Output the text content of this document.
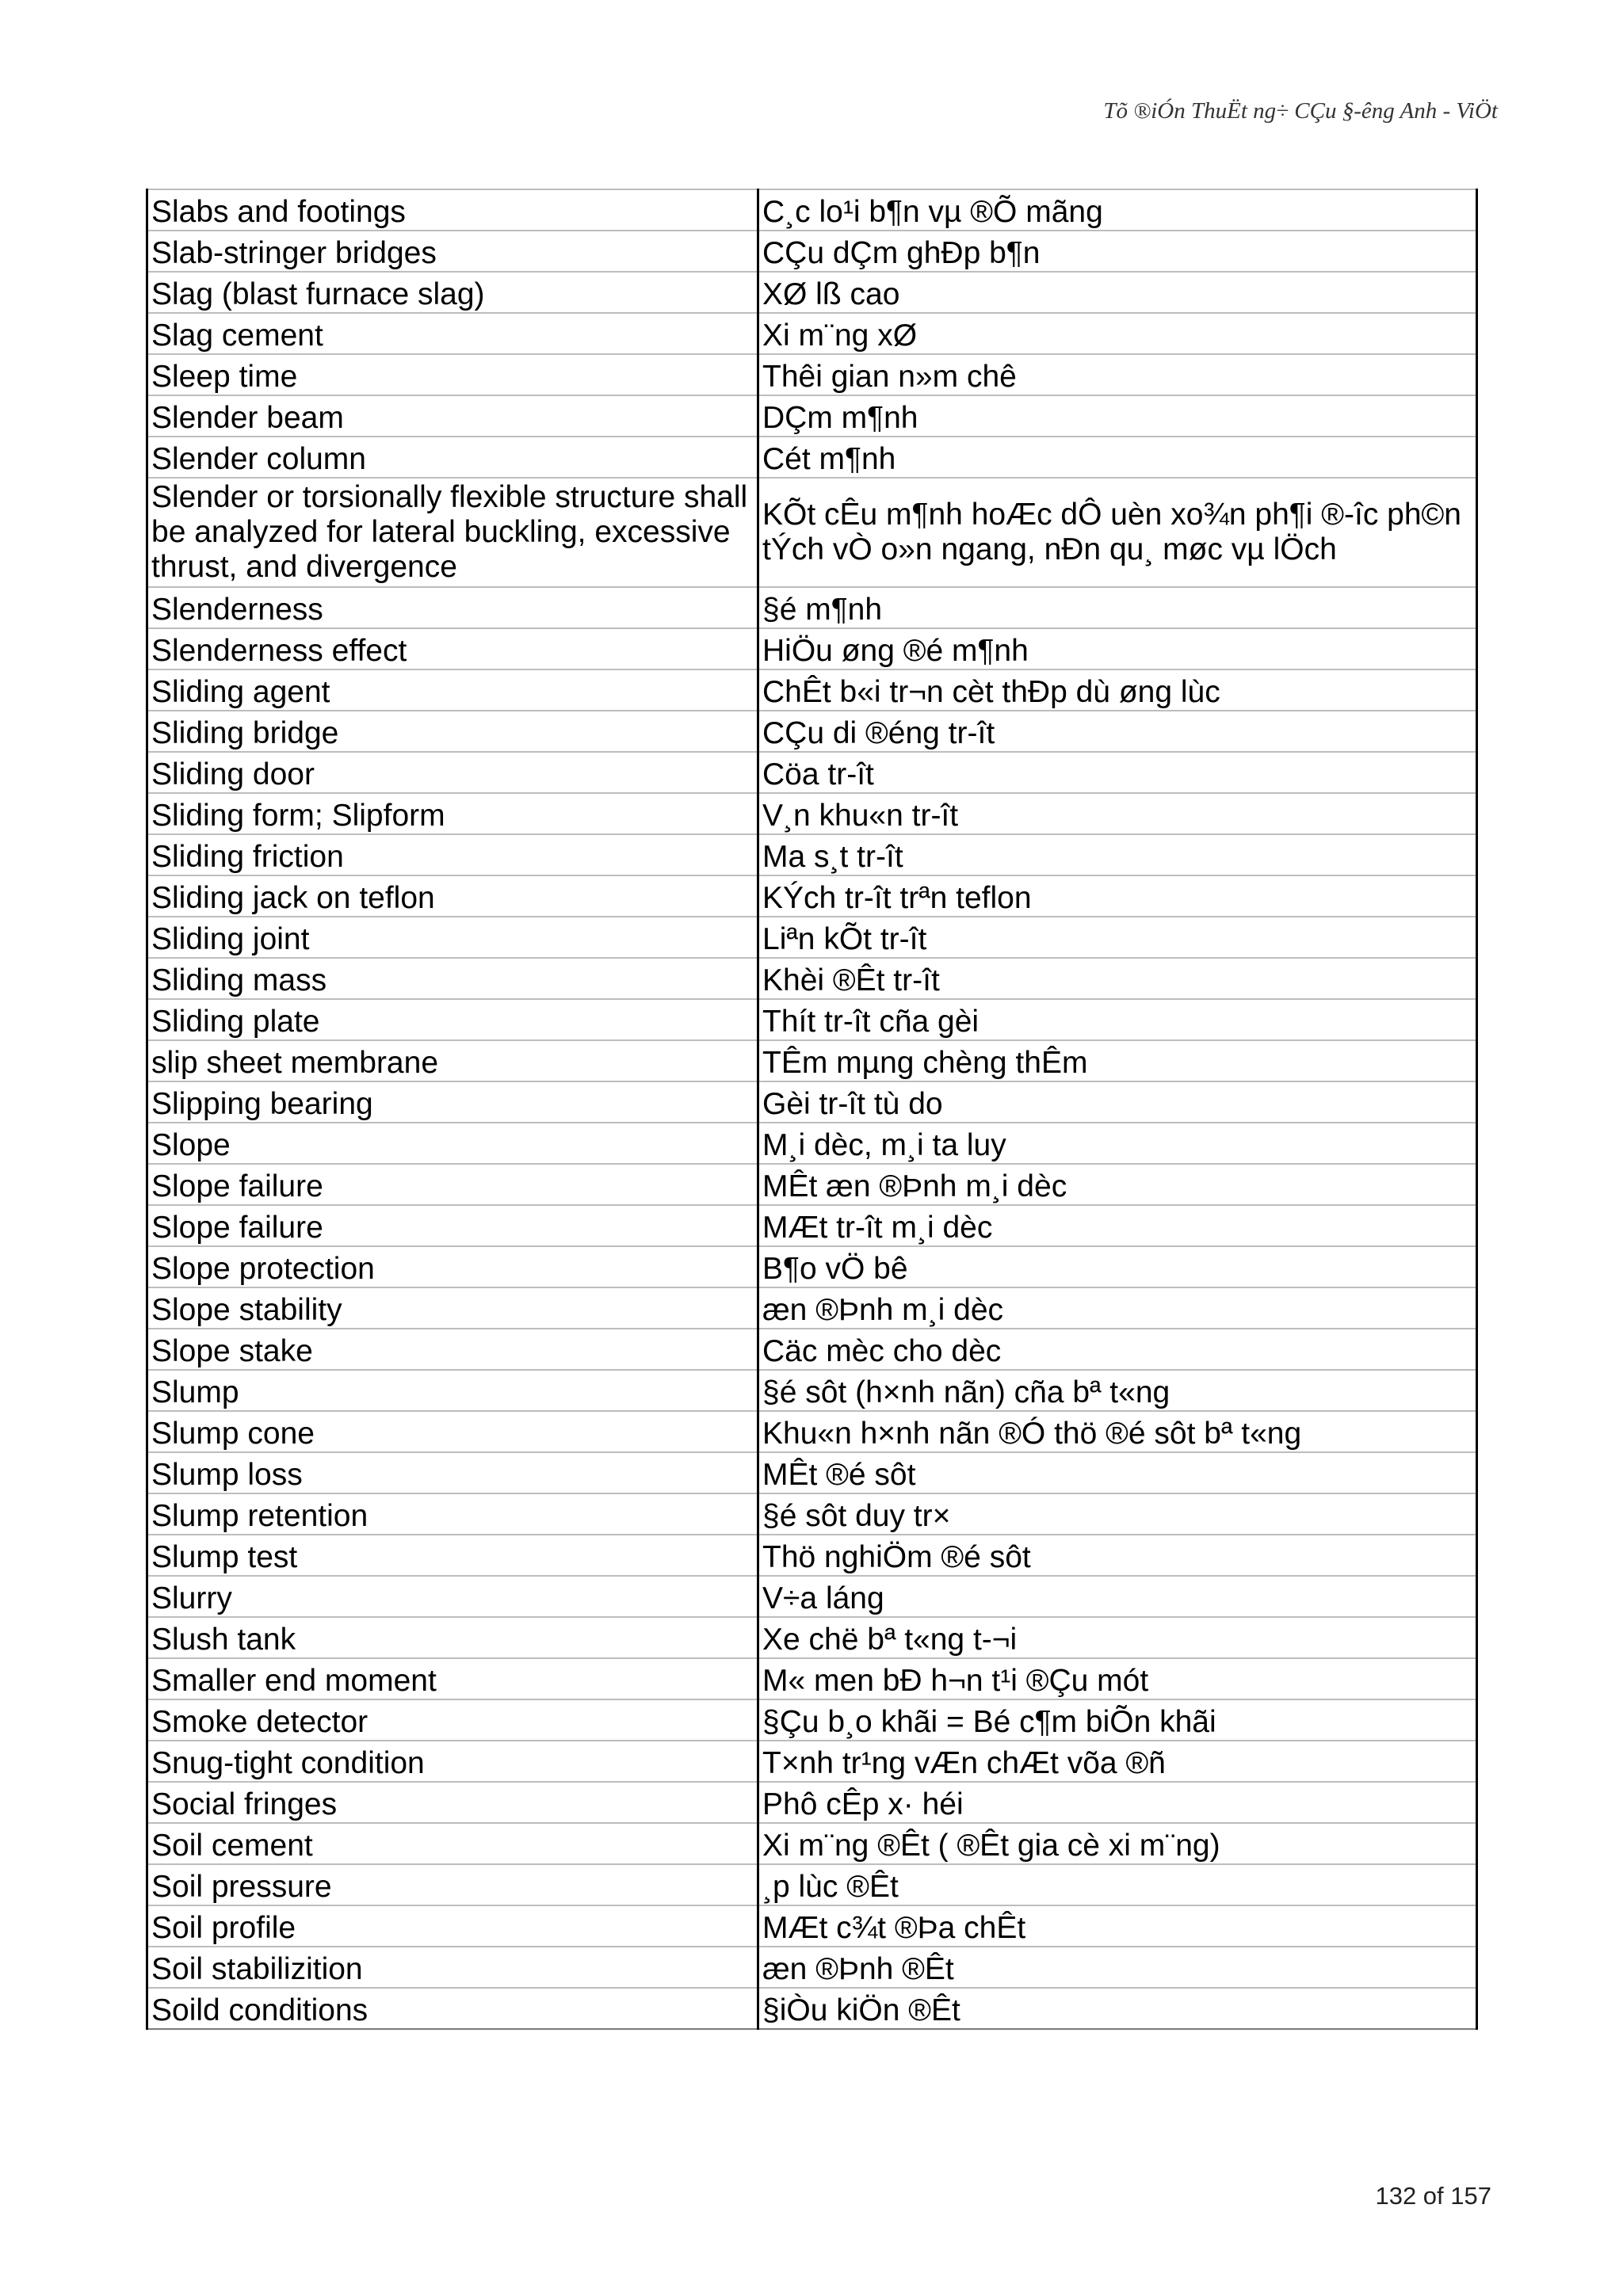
Tõ ®iÓn ThuËt ng÷ CÇu §-êng Anh - ViÖt
Slabs and footings	C¸c lo¹i b¶n vµ ®Õ mãng
Slab-stringer bridges	CÇu dÇm ghÐp b¶n
Slag (blast furnace slag)	XØ lß cao
Slag cement	Xi m¨ng xØ
Sleep time	Thêi gian n»m chê
Slender beam	DÇm m¶nh
Slender column	Cét m¶nh

Slender or torsionally flexible structure shall be analyzed for lateral buckling, excessive thrust, and divergence	KÕt cÊu m¶nh hoÆc dÔ uèn xo¾n ph¶i ®-îc ph©n tÝch vÒ o»n ngang, nÐn qu¸ møc vµ lÖch

Slenderness	§é m¶nh
Slenderness effect	HiÖu øng ®é m¶nh
Sliding agent	ChÊt b«i tr¬n cèt thÐp dù øng lùc
Sliding bridge	CÇu di ®éng tr-ît
Sliding door	Cöa tr-ît
Sliding form; Slipform	V¸n khu«n tr-ît
Sliding friction	Ma s¸t tr-ît
Sliding jack on teflon	KÝch tr-ît trªn teflon
Sliding joint	Liªn kÕt tr-ît
Sliding mass	Khèi ®Êt tr-ît
Sliding plate	Thít tr-ît cña gèi
slip sheet membrane	TÊm mµng chèng thÊm
Slipping bearing	Gèi tr-ît tù do
Slope	M¸i dèc, m¸i ta luy
Slope failure	MÊt æn ®Þnh m¸i dèc
Slope failure	MÆt tr-ît m¸i dèc
Slope protection	B¶o vÖ bê
Slope stability	æn ®Þnh m¸i dèc
Slope stake	Cäc mèc cho dèc
Slump	§é sôt (h×nh nãn) cña bª t«ng
Slump cone	Khu«n h×nh nãn ®Ó thö ®é sôt bª t«ng
Slump loss	MÊt ®é sôt
Slump retention	§é sôt duy tr×
Slump test	Thö nghiÖm ®é sôt
Slurry	V÷a láng
Slush tank	Xe chë bª t«ng t-¬i
Smaller end moment	M« men bÐ h¬n t¹i ®Çu mót
Smoke detector	§Çu b¸o khãi = Bé c¶m biÕn khãi
Snug-tight condition	T×nh tr¹ng vÆn chÆt võa ®ñ
Social fringes	Phô cÊp x· héi
Soil cement	Xi m¨ng ®Êt ( ®Êt gia cè xi m¨ng)
Soil pressure	¸p lùc ®Êt
Soil profile	MÆt c¾t ®Þa chÊt
Soil stabilizition	æn ®Þnh ®Êt
Soild conditions	§iÒu kiÖn ®Êt
132 of 157
